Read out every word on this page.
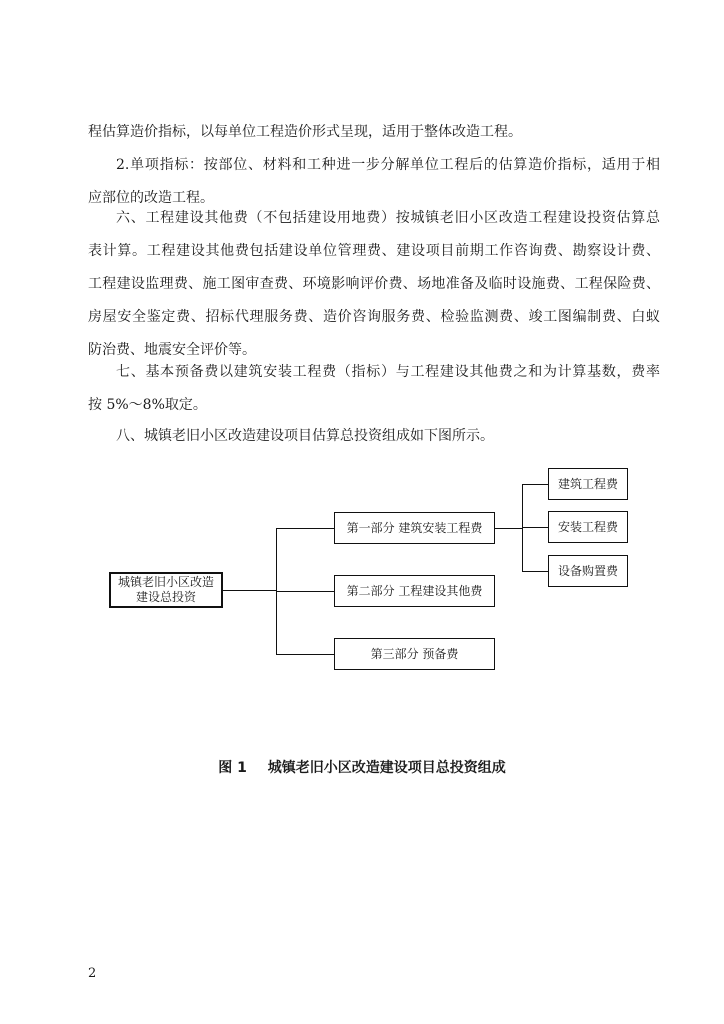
程估算造价指标，以每单位工程造价形式呈现，适用于整体改造工程。
2.单项指标：按部位、材料和工种进一步分解单位工程后的估算造价指标，适用于相
应部位的改造工程。
六、工程建设其他费（不包括建设用地费）按城镇老旧小区改造工程建设投资估算总
表计算。工程建设其他费包括建设单位管理费、建设项目前期工作咨询费、勘察设计费、
工程建设监理费、施工图审查费、环境影响评价费、场地准备及临时设施费、工程保险费、
房屋安全鉴定费、招标代理服务费、造价咨询服务费、检验监测费、竣工图编制费、白蚁
防治费、地震安全评价等。
七、基本预备费以建筑安装工程费（指标）与工程建设其他费之和为计算基数，费率
按 5%～8%取定。
八、城镇老旧小区改造建设项目估算总投资组成如下图所示。
城镇老旧小区改造
建设总投资
第一部分 建筑安装工程费
第二部分 工程建设其他费
第三部分 预备费
建筑工程费
安装工程费
设备购置费
图 1 城镇老旧小区改造建设项目总投资组成
2
